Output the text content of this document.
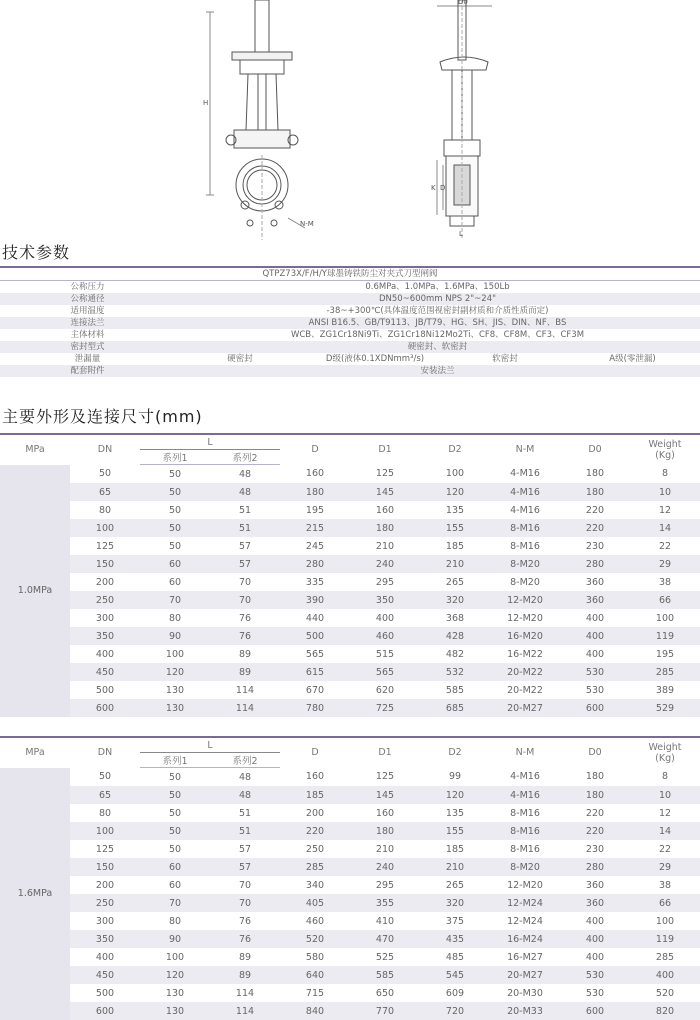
H
D0
K D
L
N-M
技术参数
QTPZ73X/F/H/Y球墨铸铁防尘对夹式刀型闸阀				
公称压力	0.6MPa、1.0MPa、1.6MPa、150Lb			
公称通径	DN50~600mm NPS 2"~24"			
适用温度	-38~+300℃(具体温度范围视密封副材质和介质性质而定)			
连接法兰	ANSI B16.5、GB/T9113、JB/T79、HG、SH、JIS、DIN、NF、BS			
主体材料	WCB、ZG1Cr18Ni9Ti、ZG1Cr18Ni12Mo2Ti、CF8、CF8M、CF3、CF3M			
密封型式	硬密封、软密封			
泄漏量	硬密封	D级(液体0.1XDNmm³/s)	软密封	A级(零泄漏)
配套附件	安装法兰			
主要外形及连接尺寸(mm)
MPa	DN	L		D	D1	D2	N-M	D0	Weight
(Kg)
		系列1	系列2						
1.0MPa	50	50	48	160	125	100	4-M16	180	8
	65	50	48	180	145	120	4-M16	180	10
	80	50	51	195	160	135	4-M16	220	12
	100	50	51	215	180	155	8-M16	220	14
	125	50	57	245	210	185	8-M16	230	22
	150	60	57	280	240	210	8-M20	280	29
	200	60	70	335	295	265	8-M20	360	38
	250	70	70	390	350	320	12-M20	360	66
	300	80	76	440	400	368	12-M20	400	100
	350	90	76	500	460	428	16-M20	400	119
	400	100	89	565	515	482	16-M22	400	195
	450	120	89	615	565	532	20-M22	530	285
	500	130	114	670	620	585	20-M22	530	389
	600	130	114	780	725	685	20-M27	600	529
MPa	DN	L		D	D1	D2	N-M	D0	Weight
(Kg)
		系列1	系列2						
1.6MPa	50	50	48	160	125	99	4-M16	180	8
	65	50	48	185	145	120	4-M16	180	10
	80	50	51	200	160	135	8-M16	220	12
	100	50	51	220	180	155	8-M16	220	14
	125	50	57	250	210	185	8-M16	230	22
	150	60	57	285	240	210	8-M20	280	29
	200	60	70	340	295	265	12-M20	360	38
	250	70	70	405	355	320	12-M24	360	66
	300	80	76	460	410	375	12-M24	400	100
	350	90	76	520	470	435	16-M24	400	119
	400	100	89	580	525	485	16-M27	400	285
	450	120	89	640	585	545	20-M27	530	400
	500	130	114	715	650	609	20-M30	530	520
	600	130	114	840	770	720	20-M33	600	820
